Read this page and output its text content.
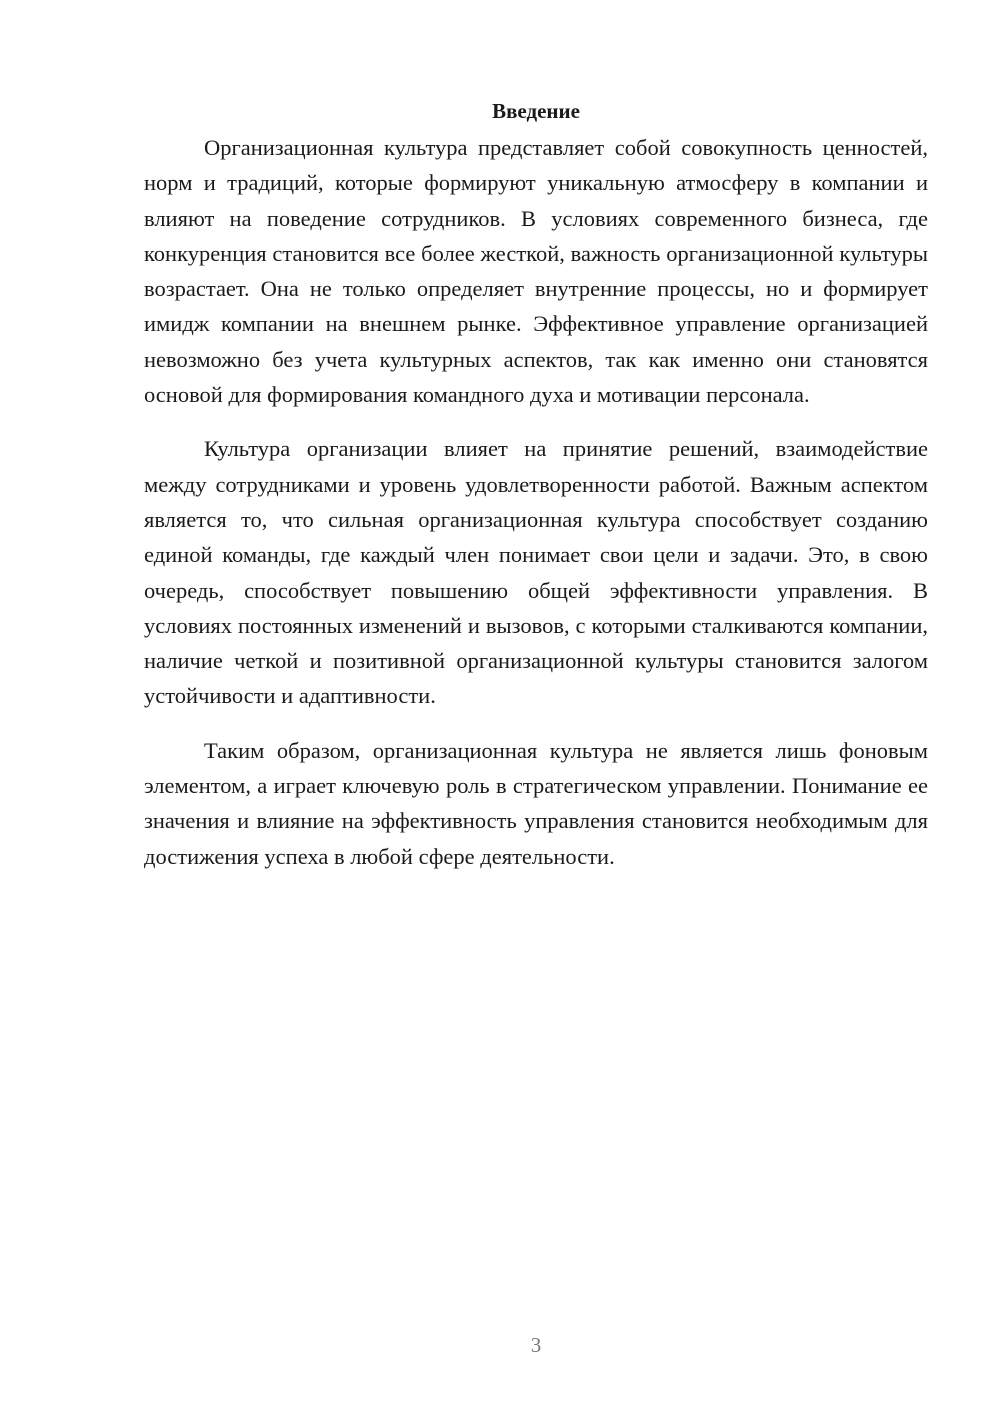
Введение

Организационная культура представляет собой совокупность ценностей, норм и традиций, которые формируют уникальную атмосферу в компании и влияют на поведение сотрудников. В условиях современного бизнеса, где конкуренция становится все более жесткой, важность организационной культуры возрастает. Она не только определяет внутренние процессы, но и формирует имидж компании на внешнем рынке. Эффективное управление организацией невозможно без учета культурных аспектов, так как именно они становятся основой для формирования командного духа и мотивации персонала.

Культура организации влияет на принятие решений, взаимодействие между сотрудниками и уровень удовлетворенности работой. Важным аспектом является то, что сильная организационная культура способствует созданию единой команды, где каждый член понимает свои цели и задачи. Это, в свою очередь, способствует повышению общей эффективности управления. В условиях постоянных изменений и вызовов, с которыми сталкиваются компании, наличие четкой и позитивной организационной культуры становится залогом устойчивости и адаптивности.

Таким образом, организационная культура не является лишь фоновым элементом, а играет ключевую роль в стратегическом управлении. Понимание ее значения и влияние на эффективность управления становится необходимым для достижения успеха в любой сфере деятельности.

3
